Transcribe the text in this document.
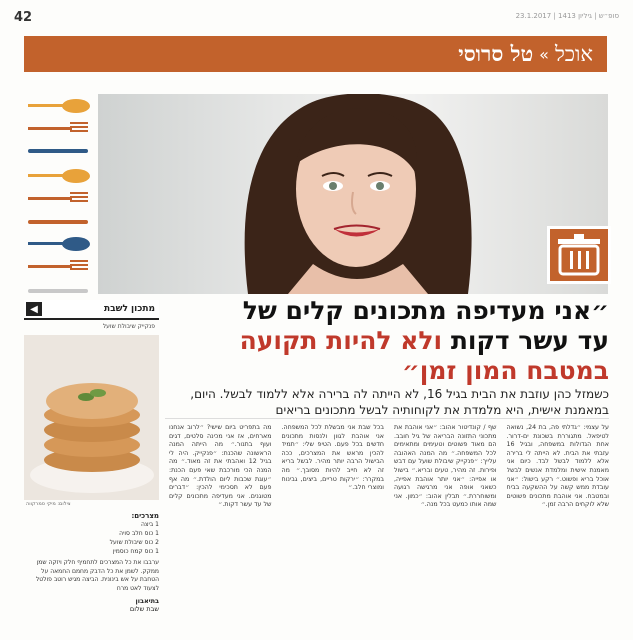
42	סופ״ש | גיליון 1413 | 23.1.2017
אוכל
»
טל סרוסי
מתכון לשבת
◀
פנקייק שיבולת שועל
צילום: מיקי סמרקווה
מצרכים:
1 ביצה
1 כוס חלב סויה
2 כוס שיבולת שועל
1 כוס קמח כוסמין
ערבבו את כל המצרכים לתחמיף חלק ויזקה שמן ממקק. לשמן את כל הדבק מחמם החמאה על הטחבת על אש בינונית. הביצה מגיש רוטב פולטל לצעוד לאט מרח
בתיאבון
שבת שלום
״אני מעדיפה מתכונים קלים של
עד עשר דקות ולא להיות תקועה
במטבח המון זמן״
כשמזל כהן עוזבת את הבית בגיל 16, לא הייתה לה ברירה אלא ללמוד לבשל. היום, במאמנת אישית, היא מלמדת את לקוחותיה לבשל מתכונים בריאים
על עצמי: ״גדלתי פה, בת 24, נשואה לטיפאל. מתגוררת בשכונת ים-דרור. אחת הגדולות במשפחה, ובגיל 16 עזבתי את הבית. לא הייתה לי ברירה אלא ללמוד לבשל לבד. כיום אני מאמנת אישית ומלמדת אנשים לבשל אוכל בריא ופשוט.״ רקע בישול: ״אני עובדת ממש קשה על ההשקעה בבית ובמטבח. אני אוהבת מתכונים פשוטים שלא לוקחים הרבה זמן.״
שף / קונדיטור אהוב: ״אני אוהבת את מתכוני התזונה הבריאה של גיל חובב. הם מאוד פשוטים וטעימים ומתאימים לכל המשפחה.״ מה המנה האהובה עלייך: ״פנקייק שיבולת שועל עם דבש ופירות. זה מהיר, טעים ובריא.״ בישול או אפייה: ״אני יותר אוהבת אפייה, כשאני אופה אני מרגישה רגועה ומשוחררת.״ תבלין אהוב: ״כמון. אני שמה אותו כמעט בכל מנה.״
בכל שבת אני מבשלת לכל המשפחה. אני אוהבת לגוון ולנסות מתכונים חדשים בכל פעם. הטיפ שלי: ״תמיד להכין מראש את המצרכים, ככה הבישול הרבה יותר מהיר. לבשל בריא זה לא חייב להיות מסובך.״ מה במקרר: ״ירקות טריים, ביצים, גבינות ומוצרי חלב.״
מה בתפריט ביום שישי? ״לרוב אנחנו מארחים, אז אני מכינה סלטים, דגים ועוף בתנור.״ מה הייתה המנה הראשונה שהכנת: ״פנקייק. היה לי בגיל 12 ואהבתי את זה מאוד.״ מה המנה הכי מורכבת שאי פעם הכנת: ״עוגת שכבות ליום הולדת.״ מה אף פעם לא תסכימי להכין: ״דברים מטוגנים. אני מעדיפה מתכונים קלים של עד עשר דקות.״
